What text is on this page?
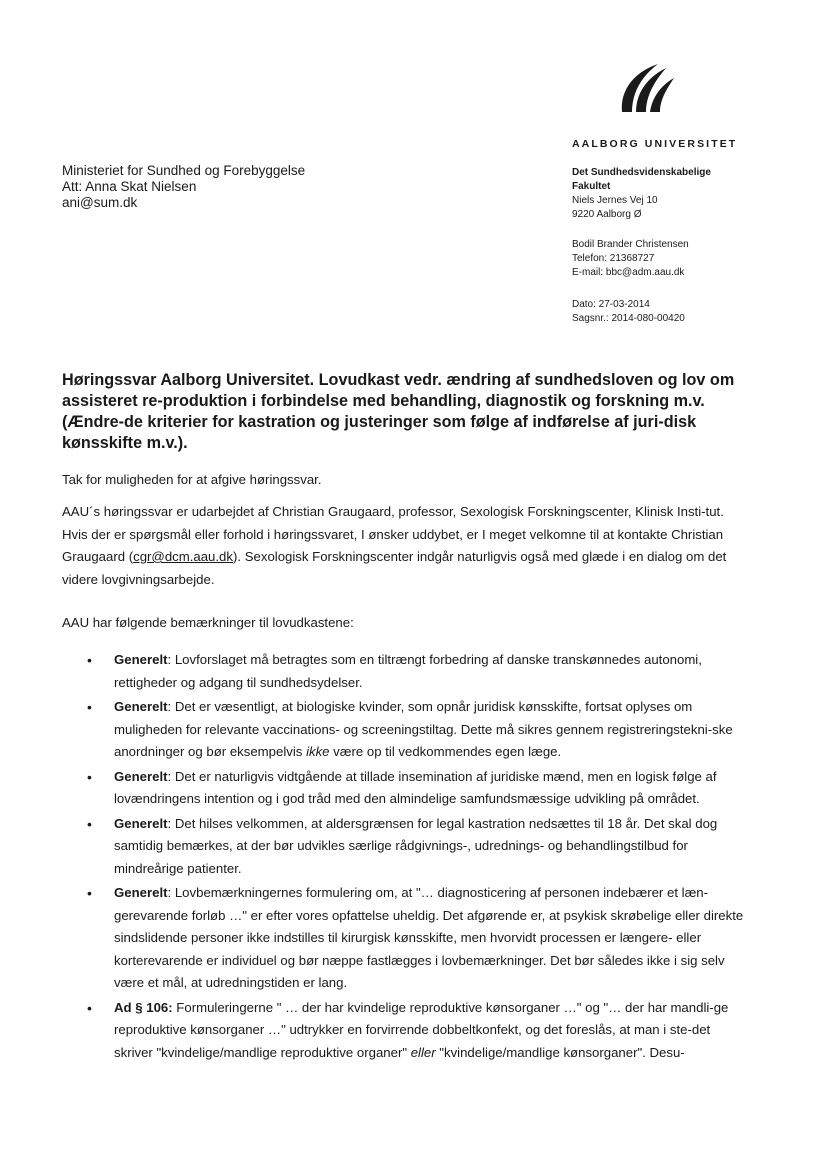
AALBORG UNIVERSITET
Ministeriet for Sundhed og Forebyggelse
Att: Anna Skat Nielsen
ani@sum.dk
Det Sundhedsvidenskabelige
Fakultet
Niels Jernes Vej 10
9220 Aalborg Ø
Bodil Brander Christensen
Telefon: 21368727
E-mail: bbc@adm.aau.dk
Dato: 27-03-2014
Sagsnr.: 2014-080-00420
Høringssvar Aalborg Universitet. Lovudkast vedr. ændring af sundhedsloven og lov om assisteret re-produktion i forbindelse med behandling, diagnostik og forskning m.v. (Ændre-de kriterier for kastration og justeringer som følge af indførelse af juri-disk kønsskifte m.v.).

Tak for muligheden for at afgive høringssvar.

AAU´s høringssvar er udarbejdet af Christian Graugaard, professor, Sexologisk Forskningscenter, Klinisk Insti-tut. Hvis der er spørgsmål eller forhold i høringssvaret, I ønsker uddybet, er I meget velkomne til at kontakte Christian Graugaard (cgr@dcm.aau.dk). Sexologisk Forskningscenter indgår naturligvis også med glæde i en dialog om det videre lovgivningsarbejde.

AAU har følgende bemærkninger til lovudkastene:

• Generelt: Lovforslaget må betragtes som en tiltrængt forbedring af danske transkønnedes autonomi, rettigheder og adgang til sundhedsydelser.
• Generelt: Det er væsentligt, at biologiske kvinder, som opnår juridisk kønsskifte, fortsat oplyses om muligheden for relevante vaccinations- og screeningstiltag. Dette må sikres gennem registreringstekni-ske anordninger og bør eksempelvis ikke være op til vedkommendes egen læge.
• Generelt: Det er naturligvis vidtgående at tillade insemination af juridiske mænd, men en logisk følge af lovændringens intention og i god tråd med den almindelige samfundsmæssige udvikling på området.
• Generelt: Det hilses velkommen, at aldersgrænsen for legal kastration nedsættes til 18 år. Det skal dog samtidig bemærkes, at der bør udvikles særlige rådgivnings-, udrednings- og behandlingstilbud for mindreårige patienter.
• Generelt: Lovbemærkningernes formulering om, at "… diagnosticering af personen indebærer et læn-gerevarende forløb …" er efter vores opfattelse uheldig. Det afgørende er, at psykisk skrøbelige eller direkte sindslidende personer ikke indstilles til kirurgisk kønsskifte, men hvorvidt processen er længere- eller korterevarende er individuel og bør næppe fastlægges i lovbemærkninger. Det bør således ikke i sig selv være et mål, at udredningstiden er lang.
• Ad § 106: Formuleringerne " … der har kvindelige reproduktive kønsorganer …" og "… der har mandli-ge reproduktive kønsorganer …" udtrykker en forvirrende dobbeltkonfekt, og det foreslås, at man i ste-det skriver "kvindelige/mandlige reproduktive organer" eller "kvindelige/mandlige kønsorganer". Desu-
